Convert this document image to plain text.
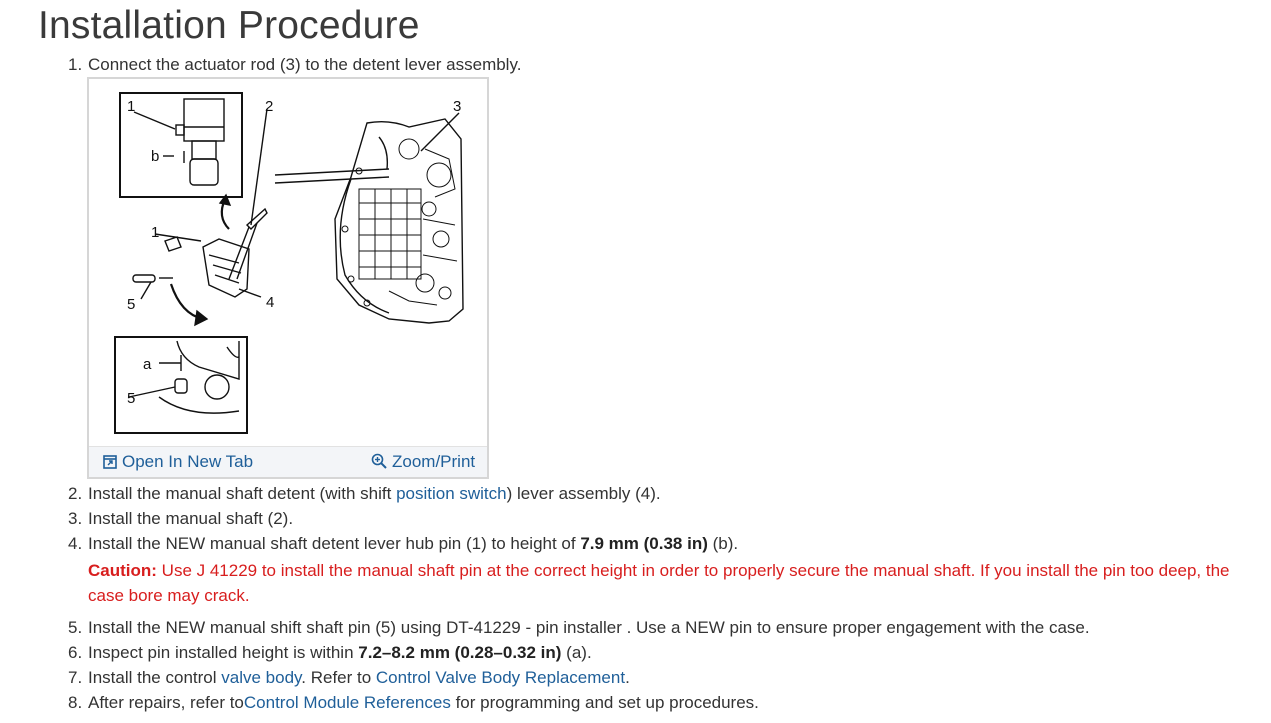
Installation Procedure
1. Connect the actuator rod (3) to the detent lever assembly.
1
b
2	3
1
5	4
a
5
Open In New Tab	Zoom/Print
2. Install the manual shaft detent (with shift position switch) lever assembly (4).
3. Install the manual shaft (2).
4. Install the NEW manual shaft detent lever hub pin (1) to height of 7.9 mm (0.38 in) (b).
Caution: Use J 41229 to install the manual shaft pin at the correct height in order to properly secure the manual shaft. If you install the pin too deep, the case bore may crack.
5. Install the NEW manual shift shaft pin (5) using DT-41229 - pin installer . Use a NEW pin to ensure proper engagement with the case.
6. Inspect pin installed height is within 7.2–8.2 mm (0.28–0.32 in) (a).
7. Install the control valve body. Refer to Control Valve Body Replacement.
8. After repairs, refer toControl Module References for programming and set up procedures.
